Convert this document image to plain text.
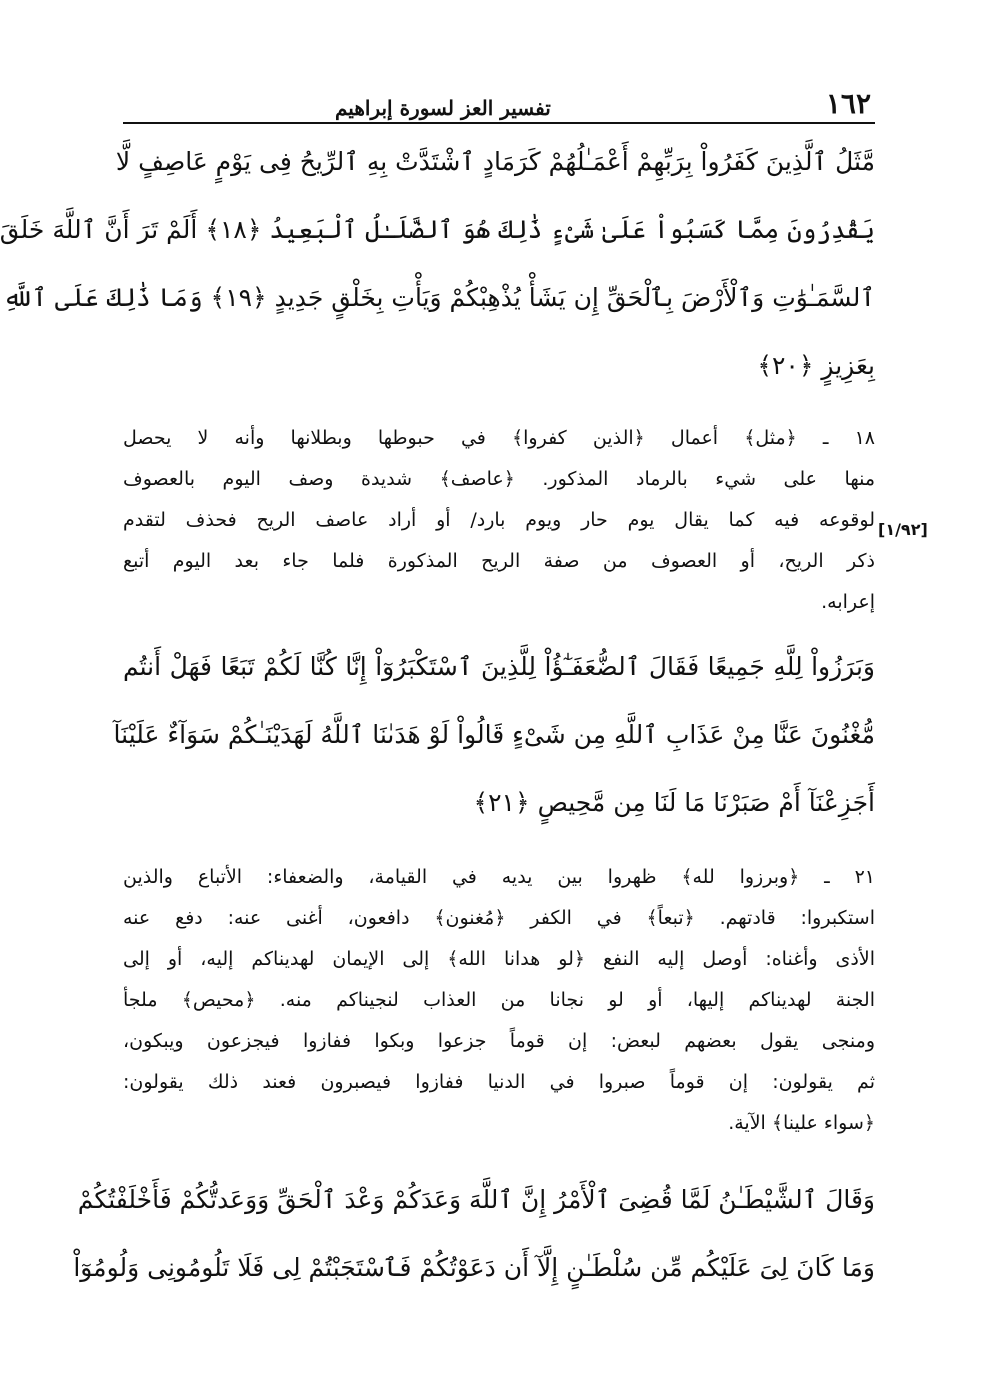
١٦٢
تفسير العز لسورة إبراهيم
مَّثَلُ ٱلَّذِينَ كَفَرُواْ بِرَبِّهِمْ أَعْمَـٰلُهُمْ كَرَمَادٍ ٱشْتَدَّتْ بِهِ ٱلرِّيحُ فِى يَوْمٍ عَاصِفٍ لَّا
يَقْدِرُونَ مِمَّا كَسَبُواْ عَلَىٰ شَىْءٍ ذَٰلِكَ هُوَ ٱلضَّلَـٰلُ ٱلْبَعِيدُ ﴿١٨﴾ أَلَمْ تَرَ أَنَّ ٱللَّهَ خَلَقَ
ٱلسَّمَـٰوَٰتِ وَٱلْأَرْضَ بِٱلْحَقِّ إِن يَشَأْ يُذْهِبْكُمْ وَيَأْتِ بِخَلْقٍ جَدِيدٍ ﴿١٩﴾ وَمَا ذَٰلِكَ عَلَى ٱللَّهِ
بِعَزِيزٍ ﴿٢٠﴾
١٨ ـ ﴿مثل﴾ أعمال ﴿الذين كفروا﴾ في حبوطها وبطلانها وأنه لا يحصل
منها على شيء بالرماد المذكور. ﴿عاصف﴾ شديدة وصف اليوم بالعصوف
لوقوعه فيه كما يقال يوم حار ويوم بارد/ أو أراد عاصف الريح فحذف لتقدم
ذكر الريح، أو العصوف من صفة الريح المذكورة فلما جاء بعد اليوم أتبع
إعرابه.
وَبَرَزُواْ لِلَّهِ جَمِيعًا فَقَالَ ٱلضُّعَفَـٰٓؤُاْ لِلَّذِينَ ٱسْتَكْبَرُوٓاْ إِنَّا كُنَّا لَكُمْ تَبَعًا فَهَلْ أَنتُم
مُّغْنُونَ عَنَّا مِنْ عَذَابِ ٱللَّهِ مِن شَىْءٍ قَالُواْ لَوْ هَدَىٰنَا ٱللَّهُ لَهَدَيْنَـٰكُمْ سَوَآءٌ عَلَيْنَآ
أَجَزِعْنَآ أَمْ صَبَرْنَا مَا لَنَا مِن مَّحِيصٍ ﴿٢١﴾
٢١ ـ ﴿وبرزوا لله﴾ ظهروا بين يديه في القيامة، والضعفاء: الأتباع والذين
استكبروا: قادتهم. ﴿تبعاً﴾ في الكفر ﴿مُغنون﴾ دافعون، أغنى عنه: دفع عنه
الأذى وأغناه: أوصل إليه النفع ﴿لو هدانا الله﴾ إلى الإيمان لهديناكم إليه، أو إلى
الجنة لهديناكم إليها، أو لو نجانا من العذاب لنجيناكم منه. ﴿محيص﴾ ملجأ
ومنجى يقول بعضهم لبعض: إن قوماً جزعوا وبكوا ففازوا فيجزعون ويبكون،
ثم يقولون: إن قوماً صبروا في الدنيا ففازوا فيصبرون فعند ذلك يقولون:
﴿سواء علينا﴾ الآية.
وَقَالَ ٱلشَّيْطَـٰنُ لَمَّا قُضِىَ ٱلْأَمْرُ إِنَّ ٱللَّهَ وَعَدَكُمْ وَعْدَ ٱلْحَقِّ وَوَعَدتُّكُمْ فَأَخْلَفْتُكُمْ
وَمَا كَانَ لِىَ عَلَيْكُم مِّن سُلْطَـٰنٍ إِلَّآ أَن دَعَوْتُكُمْ فَٱسْتَجَبْتُمْ لِى فَلَا تَلُومُونِى وَلُومُوٓاْ
[١/٩٢]
